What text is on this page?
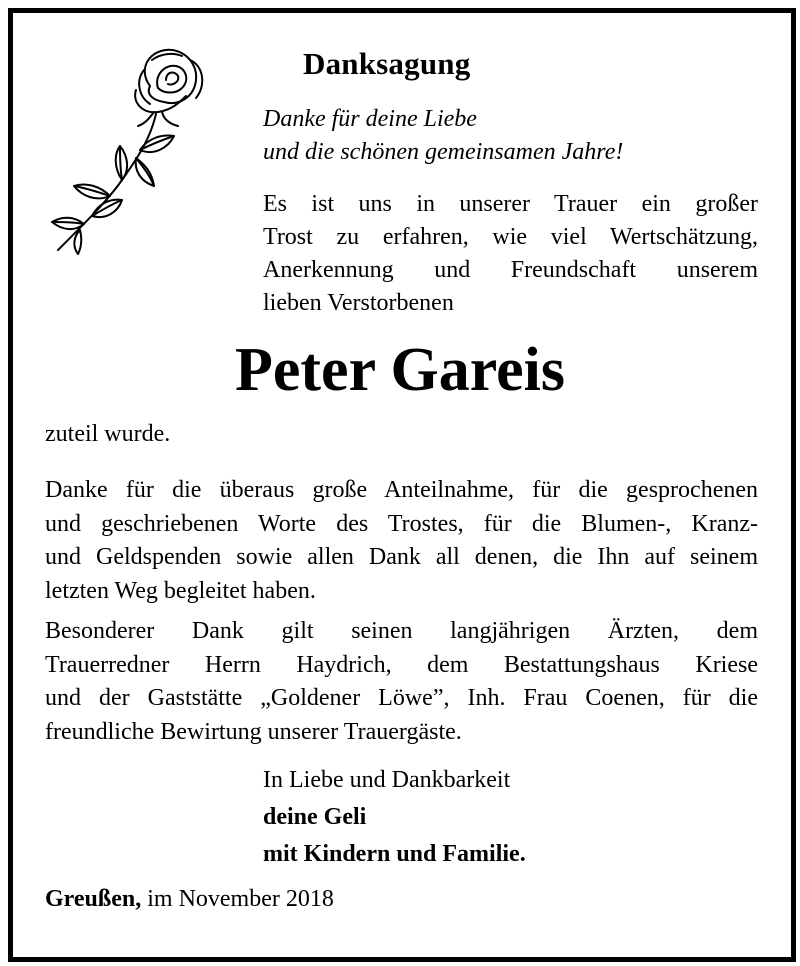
Danksagung
Danke für deine Liebe
und die schönen gemeinsamen Jahre!
Es ist uns in unserer Trauer ein großer
Trost zu erfahren, wie viel Wertschätzung,
Anerkennung und Freundschaft unserem
lieben Verstorbenen
Peter Gareis
zuteil wurde.
Danke für die überaus große Anteilnahme, für die gesprochenen
und geschriebenen Worte des Trostes, für die Blumen-, Kranz-
und Geldspenden sowie allen Dank all denen, die Ihn auf seinem
letzten Weg begleitet haben.
Besonderer Dank gilt seinen langjährigen Ärzten, dem
Trauerredner Herrn Haydrich, dem Bestattungshaus Kriese
und der Gaststätte „Goldener Löwe”, Inh. Frau Coenen, für die
freundliche Bewirtung unserer Trauergäste.
In Liebe und Dankbarkeit
deine Geli
mit Kindern und Familie.
Greußen, im November 2018
